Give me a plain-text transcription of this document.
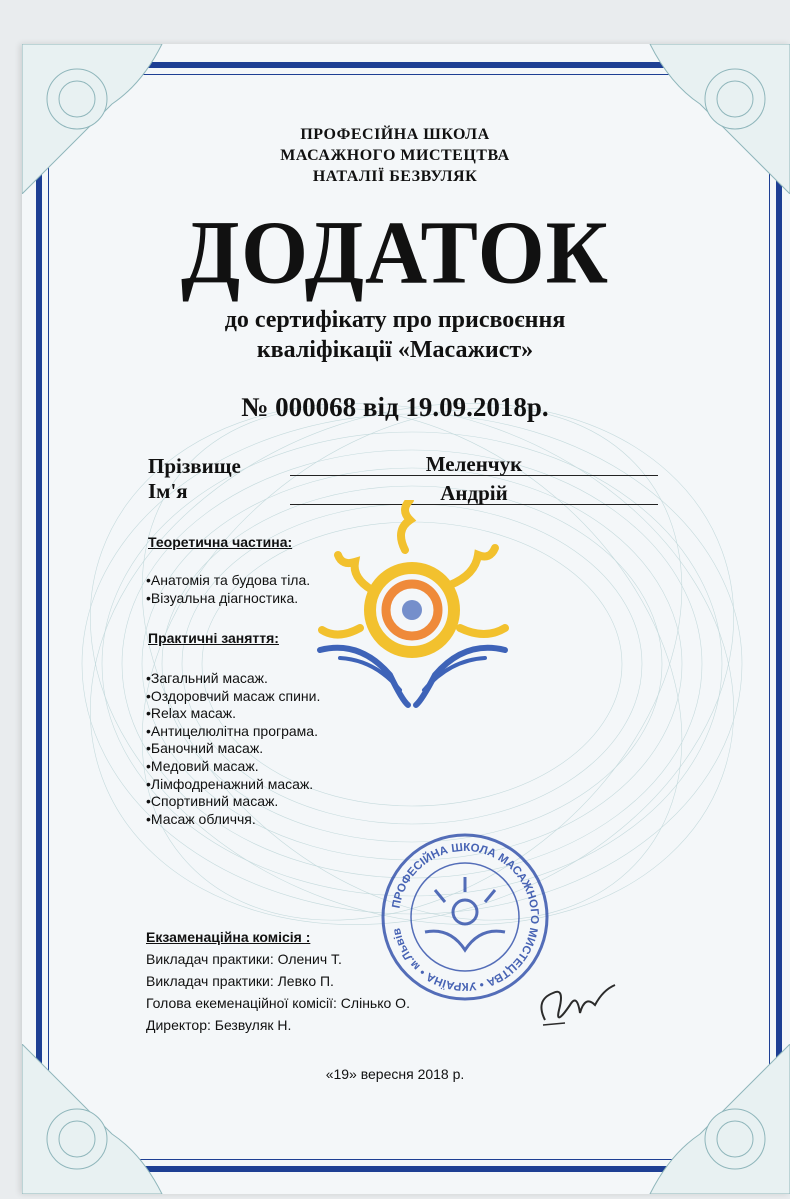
ПРОФЕСІЙНА ШКОЛА
МАСАЖНОГО МИСТЕЦТВА
НАТАЛІЇ БЕЗВУЛЯК
ДОДАТОК
до сертифікату про присвоєння
кваліфікації «Масажист»
№ 000068 від 19.09.2018р.
Прізвище	Меленчук
Ім'я	Андрій
Теоретична частина:
• Анатомія та будова тіла.
• Візуальна діагностика.
Практичні заняття:
• Загальний масаж.
• Оздоровчий масаж спини.
• Relax масаж.
• Антицелюлітна програма.
• Баночний масаж.
• Медовий масаж.
• Лімфодренажний масаж.
• Спортивний масаж.
• Масаж обличчя.
ПРОФЕСІЙНА ШКОЛА МАСАЖНОГО МИСТЕЦТВА • УКРАЇНА • м.Львів
Екзаменаційна комісія :
Викладач практики: Оленич Т.
Викладач практики: Левко П.
Голова екеменаційної комісії: Слінько О.
Директор: Безвуляк Н.
«19» вересня 2018 р.
